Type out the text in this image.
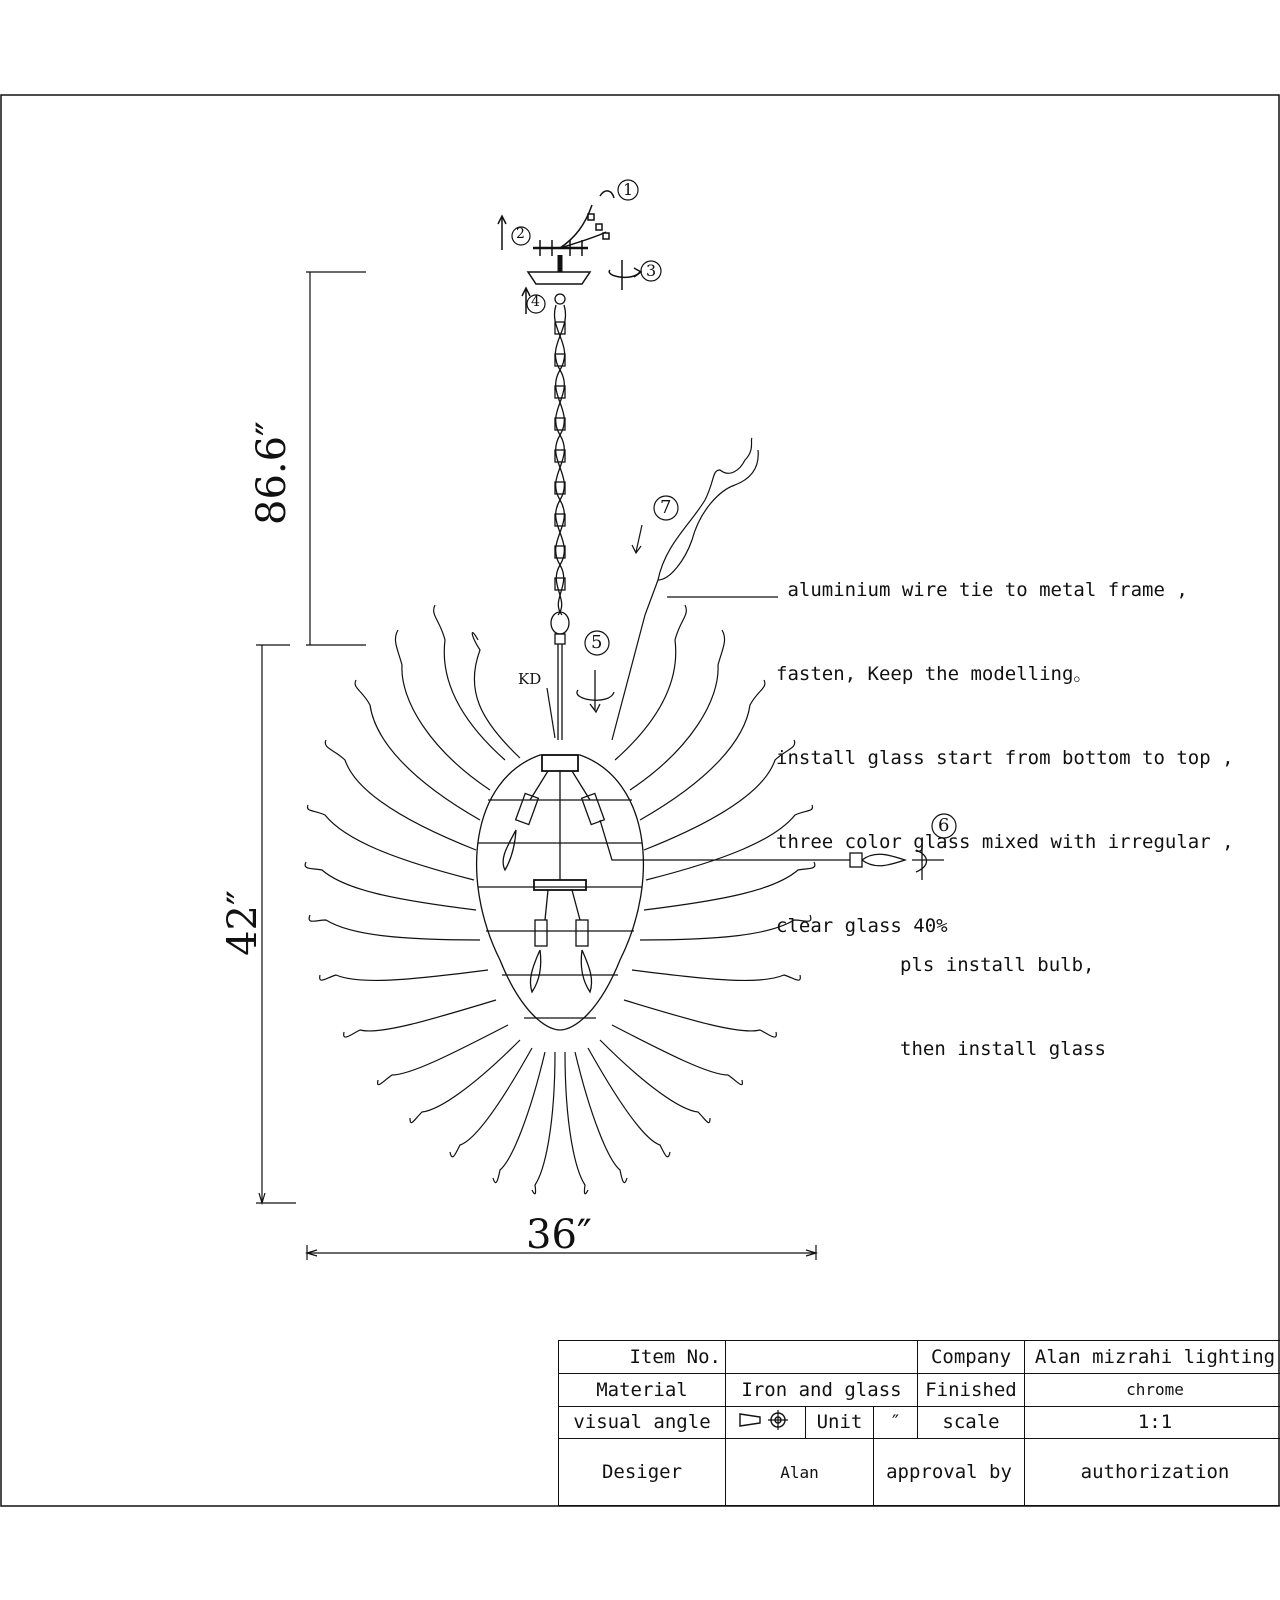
1
2
3
4
5
6
7
KD
86.6″
42″
36″

aluminium wire tie to metal frame ,

fasten, Keep the modelling。

install glass start from bottom to top ,

three color glass mixed with irregular ,

clear glass 40%

pls install bulb,

then install glass

Item No.				Company	Alan mizrahi lighting
Material	Iron and glass			Finished	chrome
visual angle		Unit	″	scale	1:1
Desiger	Alan		approval by		authorization
